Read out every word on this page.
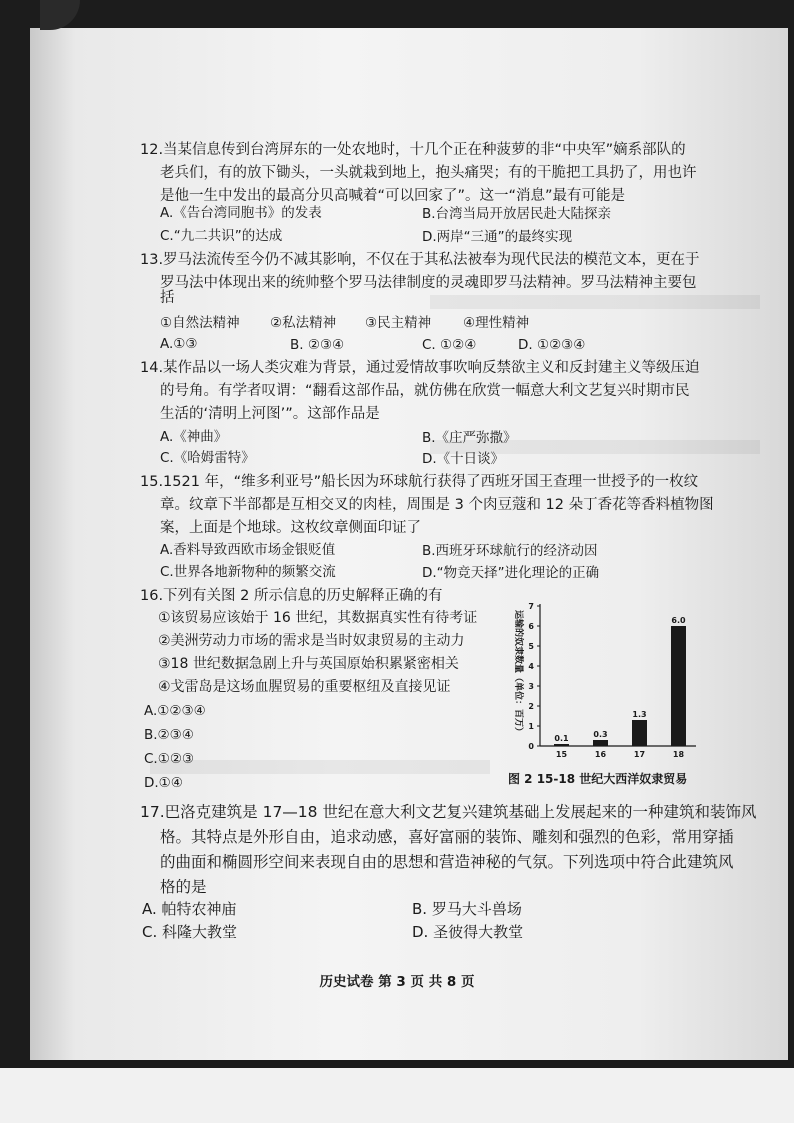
12.当某信息传到台湾屏东的一处农地时，十几个正在种菠萝的非“中央军”嫡系部队的
老兵们，有的放下锄头，一头就栽到地上，抱头痛哭；有的干脆把工具扔了，用也许
是他一生中发出的最高分贝高喊着“可以回家了”。这一“消息”最有可能是
A.《告台湾同胞书》的发表	B.台湾当局开放居民赴大陆探亲
C.“九二共识”的达成	D.两岸“三通”的最终实现
13.罗马法流传至今仍不减其影响，不仅在于其私法被奉为现代民法的模范文本，更在于
罗马法中体现出来的统帅整个罗马法律制度的灵魂即罗马法精神。罗马法精神主要包
括
①自然法精神 ②私法精神 ③民主精神 ④理性精神
A.①③	B. ②③④	C. ①②④	D. ①②③④
14.某作品以一场人类灾难为背景，通过爱情故事吹响反禁欲主义和反封建主义等级压迫
的号角。有学者叹谓：“翻看这部作品，就仿佛在欣赏一幅意大利文艺复兴时期市民
生活的‘清明上河图’”。这部作品是
A.《神曲》	B.《庄严弥撒》
C.《哈姆雷特》	D.《十日谈》
15.1521 年，“维多利亚号”船长因为环球航行获得了西班牙国王查理一世授予的一枚纹
章。纹章下半部都是互相交叉的肉桂，周围是 3 个肉豆蔻和 12 朵丁香花等香料植物图
案，上面是个地球。这枚纹章侧面印证了
A.香料导致西欧市场金银贬值	B.西班牙环球航行的经济动因
C.世界各地新物种的频繁交流	D.“物竞天择”进化理论的正确
16.下列有关图 2 所示信息的历史解释正确的有
①该贸易应该始于 16 世纪，其数据真实性有待考证
②美洲劳动力市场的需求是当时奴隶贸易的主动力
③18 世纪数据急剧上升与英国原始积累紧密相关
④戈雷岛是这场血腥贸易的重要枢纽及直接见证
A.①②③④
B.②③④
C.①②③
D.①④
运输的奴隶数量（单位：百万）
0
1
2
3
4
5
6
7
15	16	17	18
0.1	0.3
1.3
6.0
图 2 15-18 世纪大西洋奴隶贸易
17.巴洛克建筑是 17—18 世纪在意大利文艺复兴建筑基础上发展起来的一种建筑和装饰风
格。其特点是外形自由，追求动感，喜好富丽的装饰、雕刻和强烈的色彩，常用穿插
的曲面和椭圆形空间来表现自由的思想和营造神秘的气氛。下列选项中符合此建筑风
格的是
A. 帕特农神庙	B. 罗马大斗兽场
C. 科隆大教堂	D. 圣彼得大教堂
历史试卷 第 3 页 共 8 页
